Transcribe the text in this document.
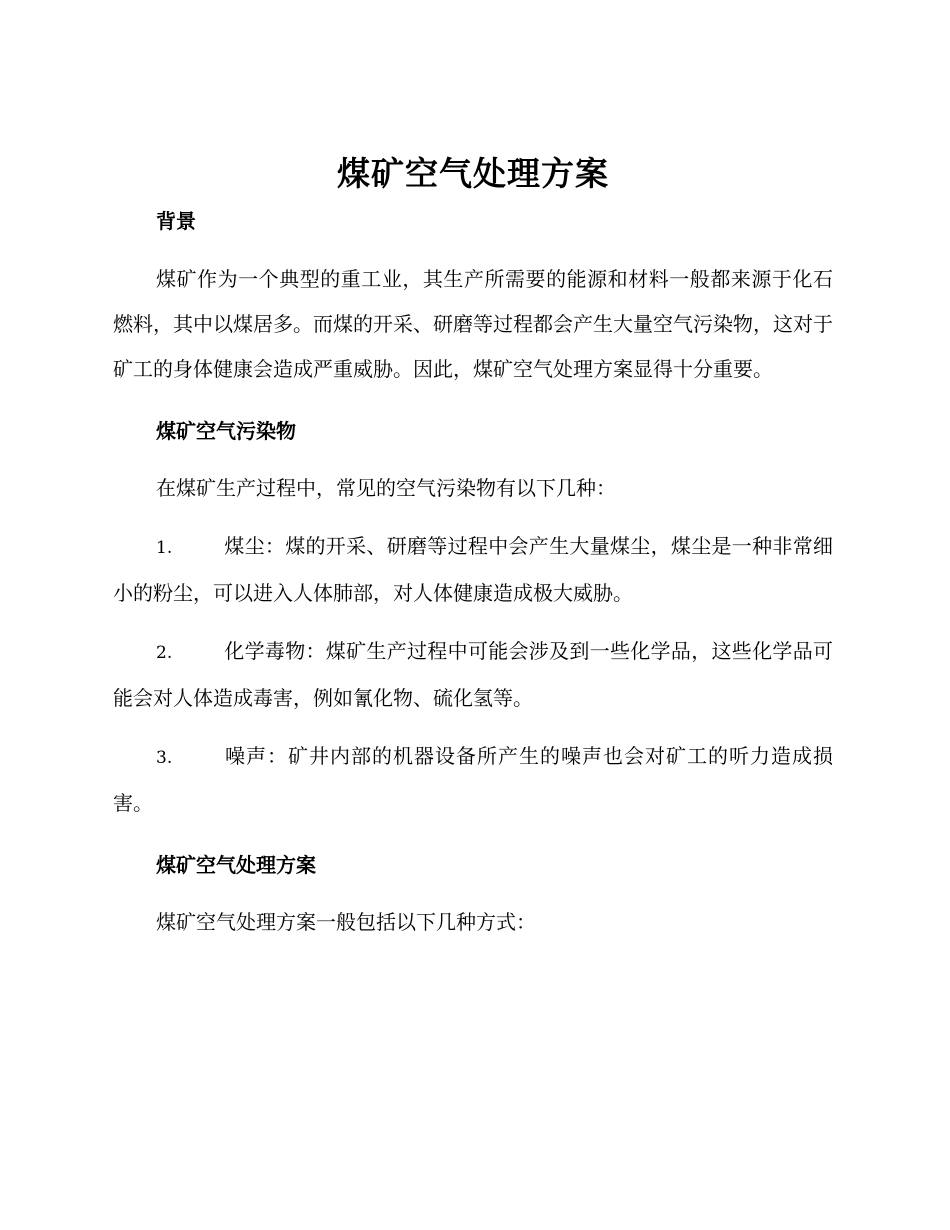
煤矿空气处理方案
背景

煤矿作为一个典型的重工业，其生产所需要的能源和材料一般都来源于化石燃料，其中以煤居多。而煤的开采、研磨等过程都会产生大量空气污染物，这对于矿工的身体健康会造成严重威胁。因此，煤矿空气处理方案显得十分重要。

煤矿空气污染物

在煤矿生产过程中，常见的空气污染物有以下几种：

1.	煤尘：煤的开采、研磨等过程中会产生大量煤尘，煤尘是一种非常细小的粉尘，可以进入人体肺部，对人体健康造成极大威胁。

2.	化学毒物：煤矿生产过程中可能会涉及到一些化学品，这些化学品可能会对人体造成毒害，例如氰化物、硫化氢等。

3.	噪声：矿井内部的机器设备所产生的噪声也会对矿工的听力造成损害。

煤矿空气处理方案

煤矿空气处理方案一般包括以下几种方式：
